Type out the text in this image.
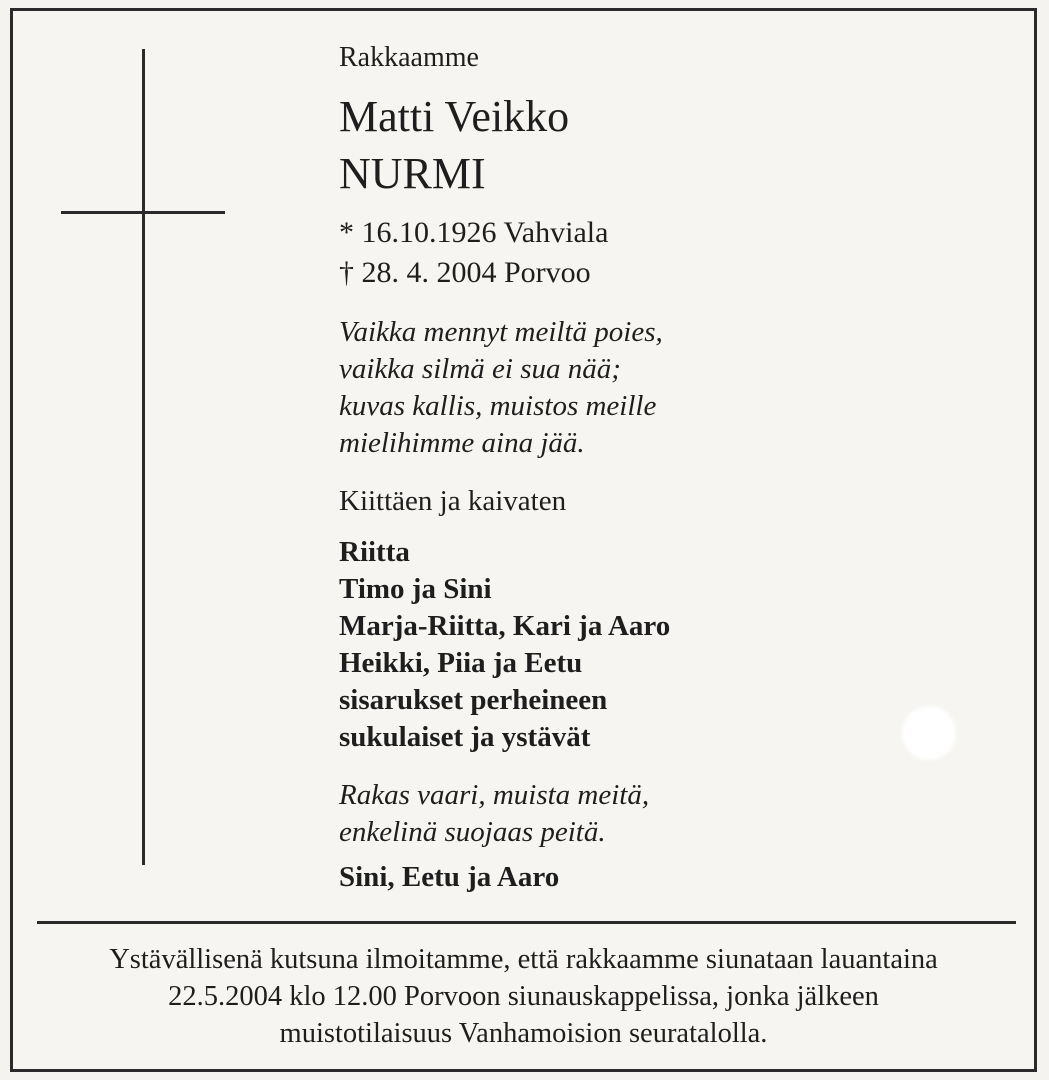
Rakkaamme
Matti Veikko
NURMI
* 16.10.1926 Vahviala
† 28. 4. 2004 Porvoo
Vaikka mennyt meiltä poies,
vaikka silmä ei sua nää;
kuvas kallis, muistos meille
mielihimme aina jää.
Kiittäen ja kaivaten
Riitta
Timo ja Sini
Marja-Riitta, Kari ja Aaro
Heikki, Piia ja Eetu
sisarukset perheineen
sukulaiset ja ystävät
Rakas vaari, muista meitä,
enkelinä suojaas peitä.
Sini, Eetu ja Aaro
Ystävällisenä kutsuna ilmoitamme, että rakkaamme siunataan lauantaina
22.5.2004 klo 12.00 Porvoon siunauskappelissa, jonka jälkeen
muistotilaisuus Vanhamoision seuratalolla.
